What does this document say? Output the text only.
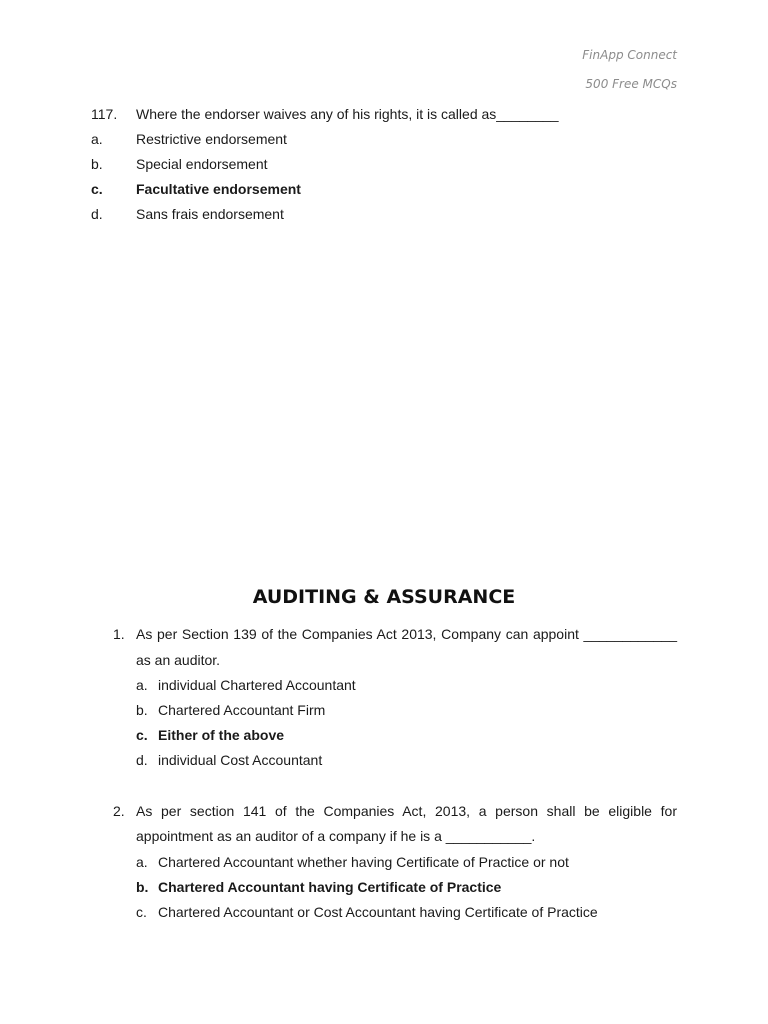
FinApp Connect
500 Free MCQs
117. Where the endorser waives any of his rights, it is called as________
a. Restrictive endorsement
b. Special endorsement
c. Facultative endorsement
d. Sans frais endorsement
AUDITING & ASSURANCE
1. As per Section 139 of the Companies Act 2013, Company can appoint ____________
as an auditor.
a. individual Chartered Accountant
b. Chartered Accountant Firm
c. Either of the above
d. individual Cost Accountant
2. As per section 141 of the Companies Act, 2013, a person shall be eligible for
appointment as an auditor of a company if he is a ___________.
a. Chartered Accountant whether having Certificate of Practice or not
b. Chartered Accountant having Certificate of Practice
c. Chartered Accountant or Cost Accountant having Certificate of Practice
